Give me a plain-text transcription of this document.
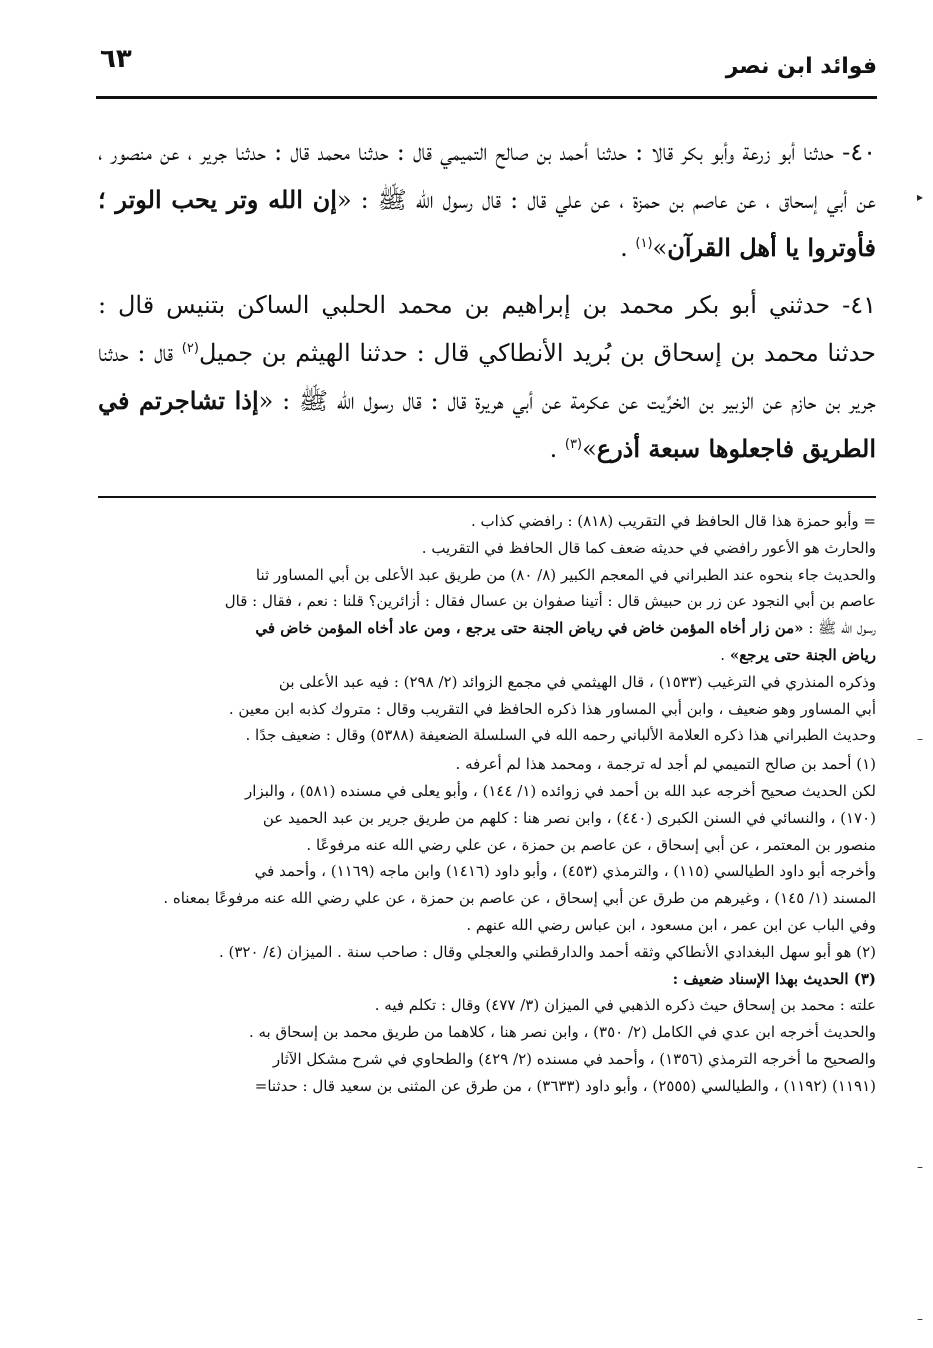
فوائد ابن نصر
٦٣

٤٠- حدثنا أبو زرعة وأبو بكر قالا : حدثنا أحمد بن صالح التميمي قال : حدثنا محمد قال : حدثنا جرير ، عن منصور ، عن أبي إسحاق ، عن عاصم بن حمزة ، عن علي قال : قال رسول الله ﷺ : «إن الله وتر يحب الوتر ؛ فأوتروا يا أهل القرآن»$^{(١)}$ .

٤١- حدثني أبو بكر محمد بن إبراهيم بن محمد الحلبي الساكن بتنيس قال : حدثنا محمد بن إسحاق بن بُريد الأنطاكي قال : حدثنا الهيثم بن جميل$^{(٢)}$ قال : حدثنا جرير بن حازم عن الزبير بن الخرِّيت عن عكرمة عن أبي هريرة قال : قال رسول الله ﷺ : «إذا تشاجرتم في الطريق فاجعلوها سبعة أذرع»$^{(٣)}$ .

= وأبو حمزة هذا قال الحافظ في التقريب (٨١٨) : رافضي كذاب .

والحارث هو الأعور رافضي في حديثه ضعف كما قال الحافظ في التقريب .

والحديث جاء بنحوه عند الطبراني في المعجم الكبير (٨/ ٨٠) من طريق عبد الأعلى بن أبي المساور ثنا

عاصم بن أبي النجود عن زر بن حبيش قال : أتينا صفوان بن عسال فقال : أزائرين؟ قلنا : نعم ، فقال : قال

رسول الله ﷺ : «من زار أخاه المؤمن خاض في رياض الجنة حتى يرجع ، ومن عاد أخاه المؤمن خاض في

رياض الجنة حتى يرجع» .

وذكره المنذري في الترغيب (١٥٣٣) ، قال الهيثمي في مجمع الزوائد (٢/ ٢٩٨) : فيه عبد الأعلى بن

أبي المساور وهو ضعيف ، وابن أبي المساور هذا ذكره الحافظ في التقريب وقال : متروك كذبه ابن معين .

وحديث الطبراني هذا ذكره العلامة الألباني رحمه الله في السلسلة الضعيفة (٥٣٨٨) وقال : ضعيف جدًا .

(١) أحمد بن صالح التميمي لم أجد له ترجمة ، ومحمد هذا لم أعرفه .

لكن الحديث صحيح أخرجه عبد الله بن أحمد في زوائده (١/ ١٤٤) ، وأبو يعلى في مسنده (٥٨١) ، والبزار

(١٧٠) ، والنسائي في السنن الكبرى (٤٤٠) ، وابن نصر هنا : كلهم من طريق جرير بن عبد الحميد عن

منصور بن المعتمر ، عن أبي إسحاق ، عن عاصم بن حمزة ، عن علي رضي الله عنه مرفوعًا .

وأخرجه أبو داود الطيالسي (١١٥) ، والترمذي (٤٥٣) ، وأبو داود (١٤١٦) وابن ماجه (١١٦٩) ، وأحمد في

المسند (١/ ١٤٥) ، وغيرهم من طرق عن أبي إسحاق ، عن عاصم بن حمزة ، عن علي رضي الله عنه مرفوعًا بمعناه .

وفي الباب عن ابن عمر ، ابن مسعود ، ابن عباس رضي الله عنهم .

(٢) هو أبو سهل البغدادي الأنطاكي وثقه أحمد والدارقطني والعجلي وقال : صاحب سنة . الميزان (٤/ ٣٢٠) .

(٣) الحديث بهذا الإسناد ضعيف :

علته : محمد بن إسحاق حيث ذكره الذهبي في الميزان (٣/ ٤٧٧) وقال : تكلم فيه .

والحديث أخرجه ابن عدي في الكامل (٢/ ٣٥٠) ، وابن نصر هنا ، كلاهما من طريق محمد بن إسحاق به .

والصحيح ما أخرجه الترمذي (١٣٥٦) ، وأحمد في مسنده (٢/ ٤٢٩) والطحاوي في شرح مشكل الآثار

(١١٩١) (١١٩٢) ، والطيالسي (٢٥٥٥) ، وأبو داود (٣٦٣٣) ، من طرق عن المثنى بن سعيد قال : حدثنا=

▸
–
–
–
